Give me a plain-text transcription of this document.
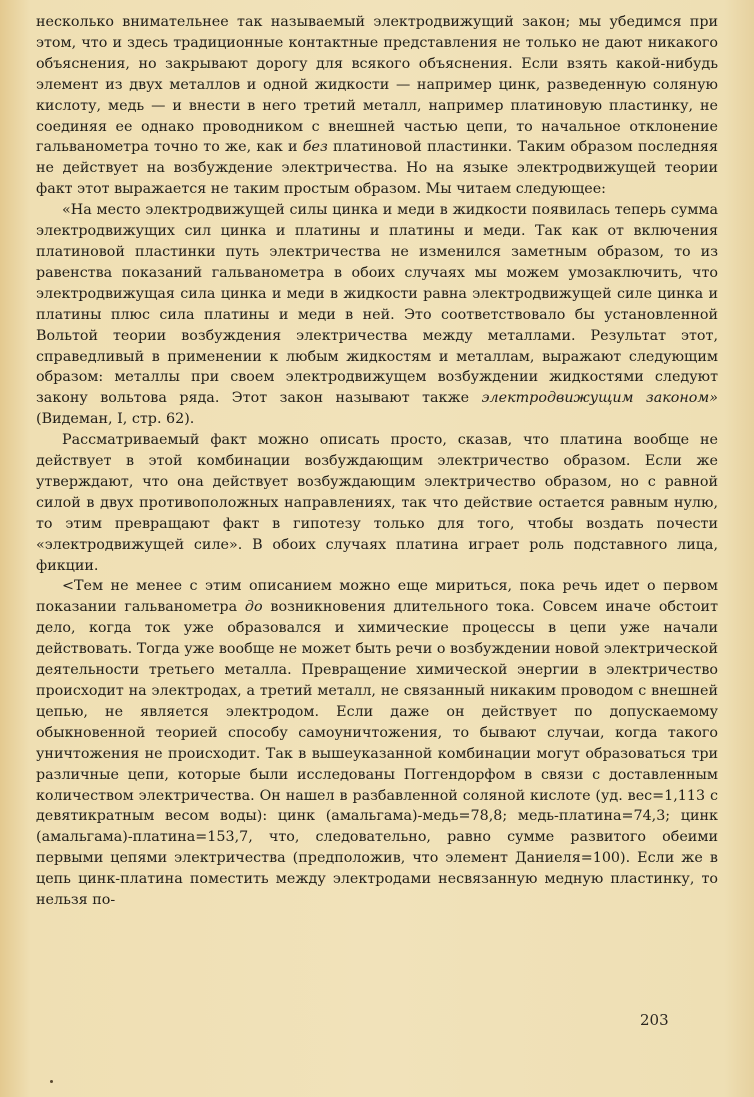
несколько внимательнее так называемый электродвижущий закон; мы убедимся при этом, что и здесь традиционные контактные представления не только не дают никакого объяснения, но закрывают дорогу для всякого объяснения. Если взять какой-нибудь элемент из двух металлов и одной жидкости — например цинк, разведенную соляную кислоту, медь — и внести в него третий металл, например платиновую пластинку, не соединяя ее однако проводником с внешней частью цепи, то начальное отклонение гальванометра точно то же, как и без платиновой пластинки. Таким образом последняя не действует на возбуждение электричества. Но на языке электродвижущей теории факт этот выражается не таким простым образом. Мы читаем следующее:

«На место электродвижущей силы цинка и меди в жидкости появилась теперь сумма электродвижущих сил цинка и платины и платины и меди. Так как от включения платиновой пластинки путь электричества не изменился заметным образом, то из равенства показаний гальванометра в обоих случаях мы можем умозаключить, что электродвижущая сила цинка и меди в жидкости равна электродвижущей силе цинка и платины плюс сила платины и меди в ней. Это соответствовало бы установленной Вольтой теории возбуждения электричества между металлами. Результат этот, справедливый в применении к любым жидкостям и металлам, выражают следующим образом: металлы при своем электродвижущем возбуждении жидкостями следуют закону вольтова ряда. Этот закон называют также электродвижущим законом» (Видеман, I, стр. 62).

Рассматриваемый факт можно описать просто, сказав, что платина вообще не действует в этой комбинации возбуждающим электричество образом. Если же утверждают, что она действует возбуждающим электричество образом, но с равной силой в двух противоположных направлениях, так что действие остается равным нулю, то этим превращают факт в гипотезу только для того, чтобы воздать почести «электродвижущей силе». В обоих случаях платина играет роль подставного лица, фикции.

<Тем не менее с этим описанием можно еще мириться, пока речь идет о первом показании гальванометра до возникновения длительного тока. Совсем иначе обстоит дело, когда ток уже образовался и химические процессы в цепи уже начали действовать. Тогда уже вообще не может быть речи о возбуждении новой электрической деятельности третьего металла. Превращение химической энергии в электричество происходит на электродах, а третий металл, не связанный никаким проводом с внешней цепью, не является электродом. Если даже он действует по допускаемому обыкновенной теорией способу самоуничтожения, то бывают случаи, когда такого уничтожения не происходит. Так в вышеуказанной комбинации могут образоваться три различные цепи, которые были исследованы Поггендорфом в связи с доставленным количеством электричества. Он нашел в разбавленной соляной кислоте (уд. вес=1,113 с девятикратным весом воды): цинк (амальгама)-медь=78,8; медь-платина=74,3; цинк (амальгама)-платина=153,7, что, следовательно, равно сумме развитого обеими первыми цепями электричества (предположив, что элемент Даниеля=100). Если же в цепь цинк-платина поместить между электродами несвязанную медную пластинку, то нельзя по-

203
